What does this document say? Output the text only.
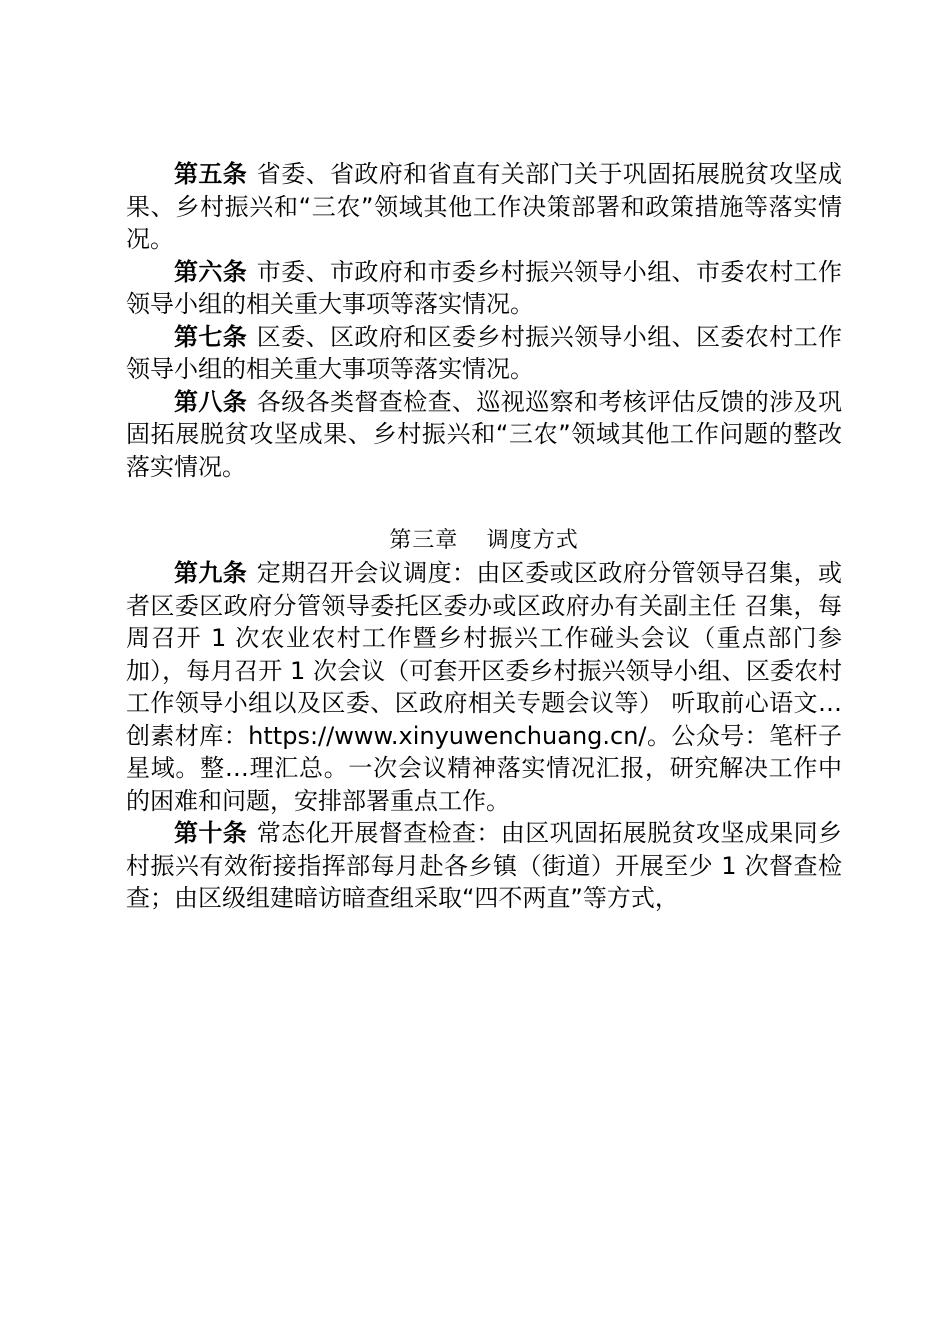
第五条 省委、省政府和省直有关部门关于巩固拓展脱贫攻坚成果、乡村振兴和“三农”领域其他工作决策部署和政策措施等落实情况。

第六条 市委、市政府和市委乡村振兴领导小组、市委农村工作领导小组的相关重大事项等落实情况。

第七条 区委、区政府和区委乡村振兴领导小组、区委农村工作领导小组的相关重大事项等落实情况。

第八条 各级各类督查检查、巡视巡察和考核评估反馈的涉及巩固拓展脱贫攻坚成果、乡村振兴和“三农”领域其他工作问题的整改落实情况。

第三章 调度方式

第九条 定期召开会议调度：由区委或区政府分管领导召集，或者区委区政府分管领导委托区委办或区政府办有关副主任 召集，每周召开 1 次农业农村工作暨乡村振兴工作碰头会议（重点部门参加），每月召开 1 次会议（可套开区委乡村振兴领导小组、区委农村工作领导小组以及区委、区政府相关专题会议等） 听取前心语文…创素材库：https://www.xinyuwenchuang.cn/。公众号：笔杆子星域。整…理汇总。一次会议精神落实情况汇报，研究解决工作中的困难和问题，安排部署重点工作。

第十条 常态化开展督查检查：由区巩固拓展脱贫攻坚成果同乡村振兴有效衔接指挥部每月赴各乡镇（街道）开展至少 1 次督查检查；由区级组建暗访暗查组采取“四不两直”等方式，
